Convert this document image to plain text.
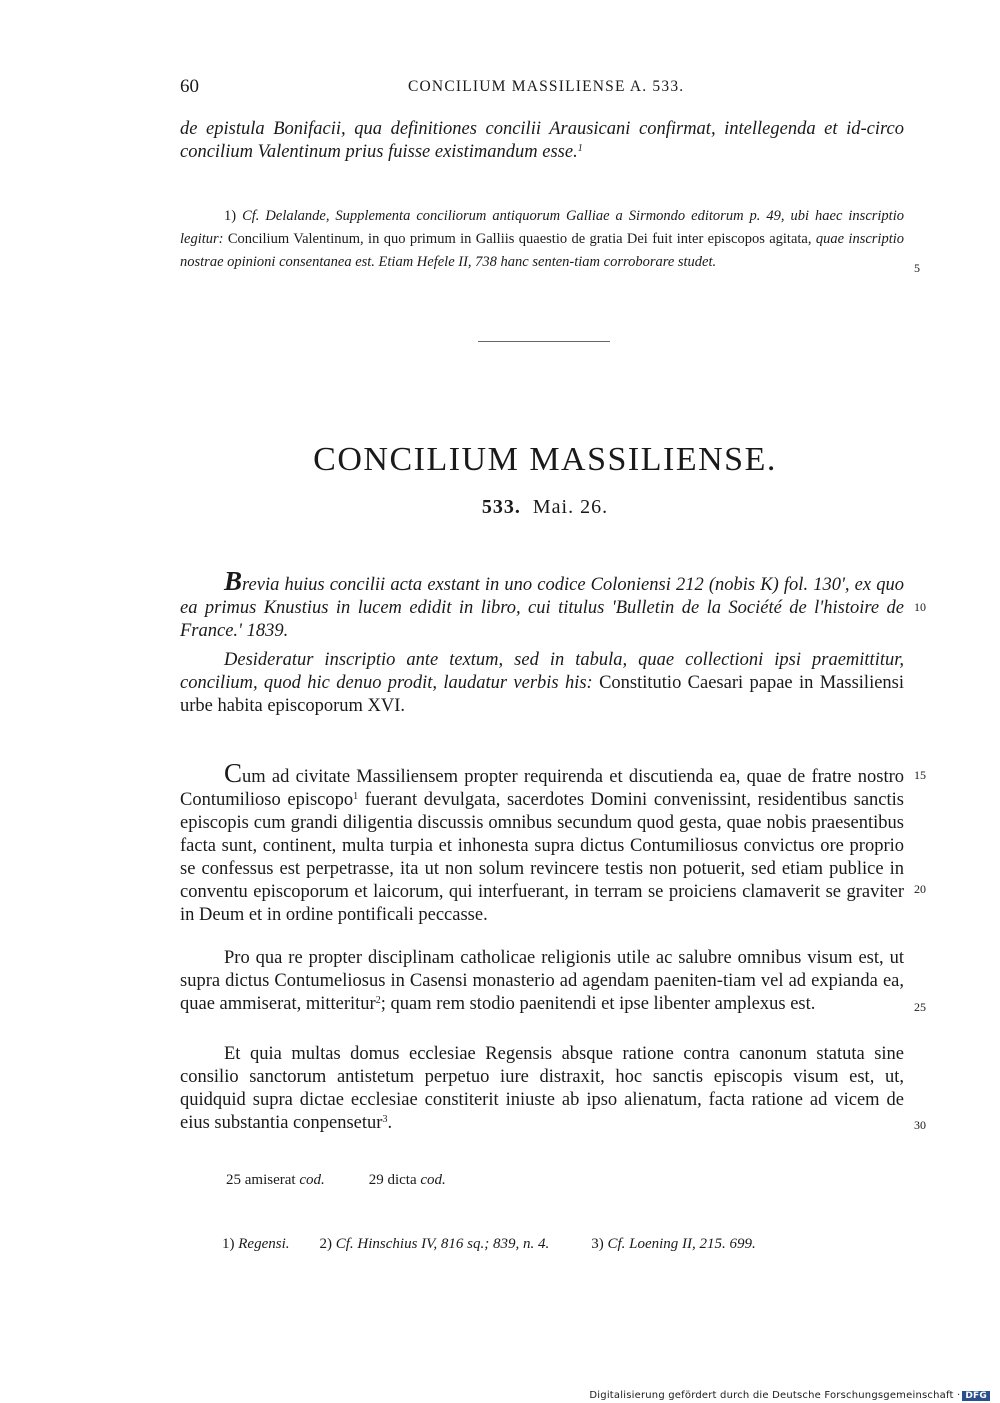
60	CONCILIUM MASSILIENSE A. 533.
de epistula Bonifacii, qua definitiones concilii Arausicani confirmat, intellegenda et id-circo concilium Valentinum prius fuisse existimandum esse.$^1$
1) Cf. Delalande, Supplementa conciliorum antiquorum Galliae a Sirmondo editorum p. 49, ubi haec inscriptio legitur: Concilium Valentinum, in quo primum in Galliis quaestio de gratia Dei fuit inter episcopos agitata, quae inscriptio nostrae opinioni consentanea est. Etiam Hefele II, 738 hanc senten-tiam corroborare studet.	5
CONCILIUM MASSILIENSE.
533. Mai. 26.
Brevia huius concilii acta exstant in uno codice Coloniensi 212 (nobis K) fol. 130', ex quo ea primus Knustius in lucem edidit in libro, cui titulus 'Bulletin de la Société de l'histoire de France.' 1839.
10
Desideratur inscriptio ante textum, sed in tabula, quae collectioni ipsi praemittitur, concilium, quod hic denuo prodit, laudatur verbis his: Constitutio Caesari papae in Massiliensi urbe habita episcoporum XVI.
Cum ad civitate Massiliensem propter requirenda et discutienda ea, quae de fratre nostro Contumilioso episcopo$^1$ fuerant devulgata, sacerdotes Domini convenissint, residentibus sanctis episcopis cum grandi diligentia discussis omnibus secundum quod gesta, quae nobis praesentibus facta sunt, continent, multa turpia et inhonesta supra dictus Contumiliosus convictus ore proprio se confessus est perpetrasse, ita ut non solum revincere testis non potuerit, sed etiam publice in conventu episcoporum et laicorum, qui interfuerant, in terram se proiciens clamaverit se graviter in Deum et in ordine pontificali peccasse.
Pro qua re propter disciplinam catholicae religionis utile ac salubre omnibus visum est, ut supra dictus Contumeliosus in Casensi monasterio ad agendam paeniten-tiam vel ad expianda ea, quae ammiserat, mitteritur$^2$; quam rem stodio paenitendi et ipse libenter amplexus est.
Et quia multas domus ecclesiae Regensis absque ratione contra canonum statuta sine consilio sanctorum antistetum perpetuo iure distraxit, hoc sanctis episcopis visum est, ut, quidquid supra dictae ecclesiae constiterit iniuste ab ipso alienatum, facta ratione ad vicem de eius substantia conpensetur$^3$.
15
20
25
30
25 amiserat cod.	29 dicta cod.
1) Regensi. 2) Cf. Hinschius IV, 816 sq.; 839, n. 4.	3) Cf. Loening II, 215. 699.
Digitalisierung gefördert durch die Deutsche Forschungsgemeinschaft · DFG
